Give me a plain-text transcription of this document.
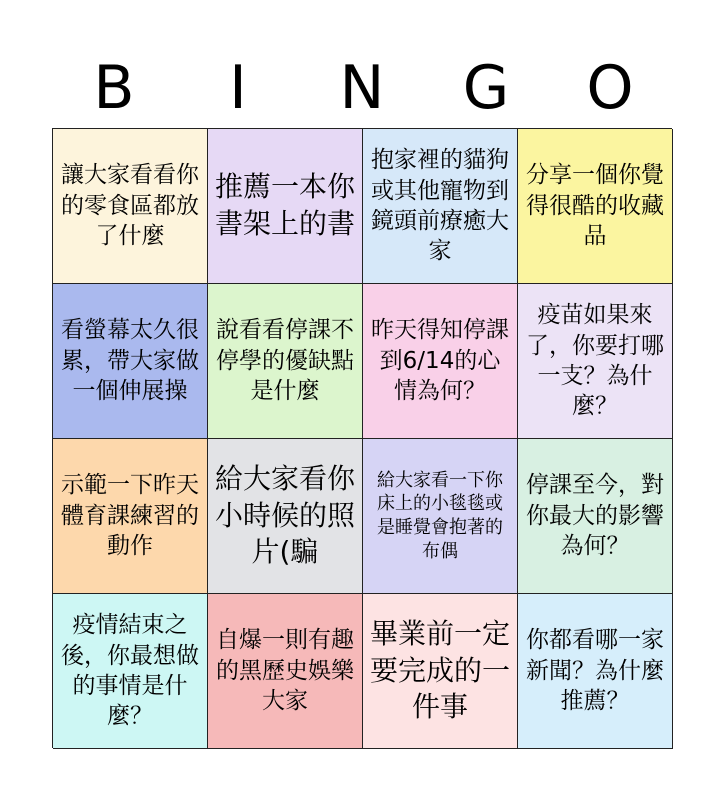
B	I	N	G	O
讓大家看看你的零食區都放了什麼
推薦一本你書架上的書
抱家裡的貓狗或其他寵物到鏡頭前療癒大家
分享一個你覺得很酷的收藏品
看螢幕太久很累，帶大家做一個伸展操
說看看停課不停學的優缺點是什麼
昨天得知停課到6/14的心情為何？
疫苗如果來了，你要打哪一支？為什麼？
示範一下昨天體育課練習的動作
給大家看你小時候的照片(騙
給大家看一下你床上的小毯毯或是睡覺會抱著的布偶
停課至今，對你最大的影響為何？
疫情結束之後，你最想做的事情是什麼？
自爆一則有趣的黑歷史娛樂大家
畢業前一定要完成的一件事
你都看哪一家新聞？為什麼推薦？
